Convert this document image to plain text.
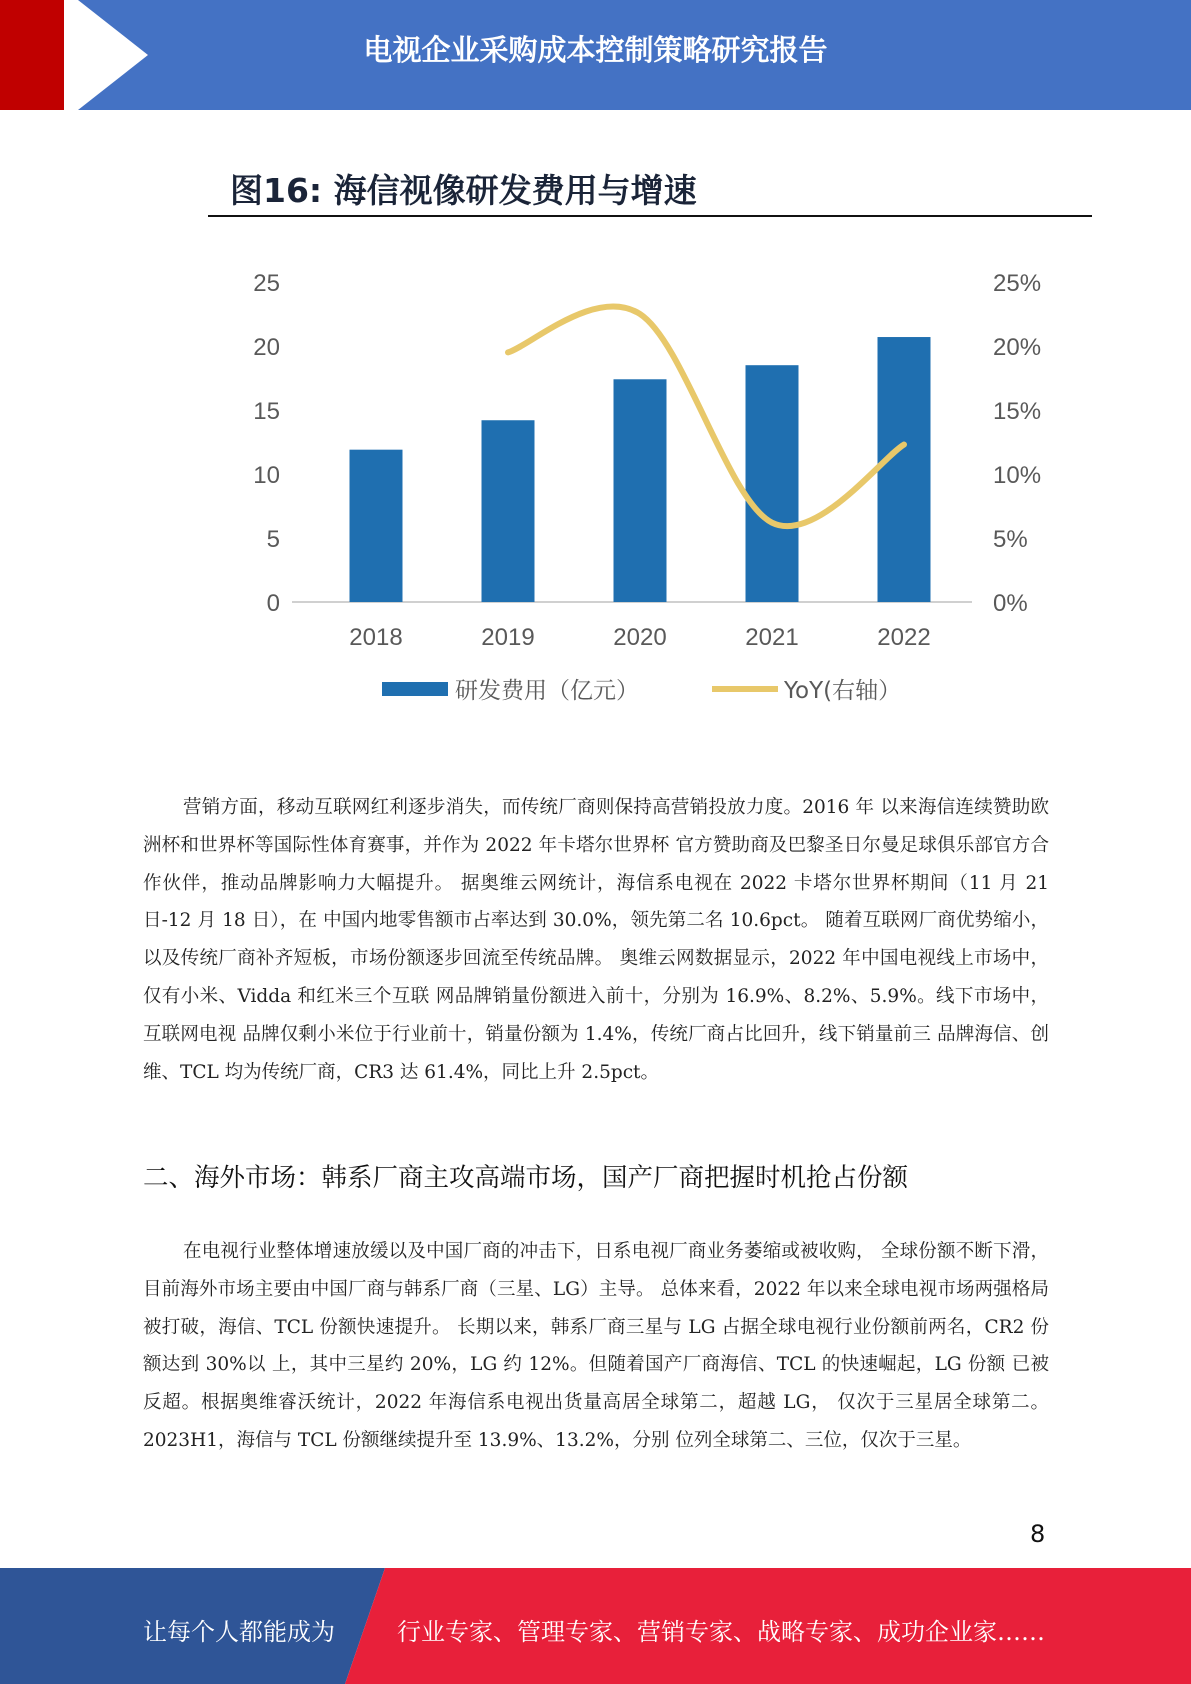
电视企业采购成本控制策略研究报告
图16: 海信视像研发费用与增速
0
5
10
15
20
25
0%
5%
10%
15%
20%
25%
2018	2019	2020	2021	2022
研发费用（亿元）	YoY(右轴）

营销方面，移动互联网红利逐步消失，而传统厂商则保持高营销投放力度。2016 年 以来海信连续赞助欧洲杯和世界杯等国际性体育赛事，并作为 2022 年卡塔尔世界杯 官方赞助商及巴黎圣日尔曼足球俱乐部官方合作伙伴，推动品牌影响力大幅提升。 据奥维云网统计，海信系电视在 2022 卡塔尔世界杯期间（11 月 21 日-12 月 18 日），在 中国内地零售额市占率达到 30.0%，领先第二名 10.6pct。 随着互联网厂商优势缩小，以及传统厂商补齐短板，市场份额逐步回流至传统品牌。 奥维云网数据显示，2022 年中国电视线上市场中，仅有小米、Vidda 和红米三个互联 网品牌销量份额进入前十，分别为 16.9%、8.2%、5.9%。线下市场中，互联网电视 品牌仅剩小米位于行业前十，销量份额为 1.4%，传统厂商占比回升，线下销量前三 品牌海信、创维、TCL 均为传统厂商，CR3 达 61.4%，同比上升 2.5pct。

二、海外市场：韩系厂商主攻高端市场，国产厂商把握时机抢占份额

在电视行业整体增速放缓以及中国厂商的冲击下，日系电视厂商业务萎缩或被收购， 全球份额不断下滑，目前海外市场主要由中国厂商与韩系厂商（三星、LG）主导。 总体来看，2022 年以来全球电视市场两强格局被打破，海信、TCL 份额快速提升。 长期以来，韩系厂商三星与 LG 占据全球电视行业份额前两名，CR2 份额达到 30%以 上，其中三星约 20%，LG 约 12%。但随着国产厂商海信、TCL 的快速崛起，LG 份额 已被反超。根据奥维睿沃统计，2022 年海信系电视出货量高居全球第二，超越 LG， 仅次于三星居全球第二。2023H1，海信与 TCL 份额继续提升至 13.9%、13.2%，分别 位列全球第二、三位，仅次于三星。

8
让每个人都能成为	行业专家、管理专家、营销专家、战略专家、成功企业家……
